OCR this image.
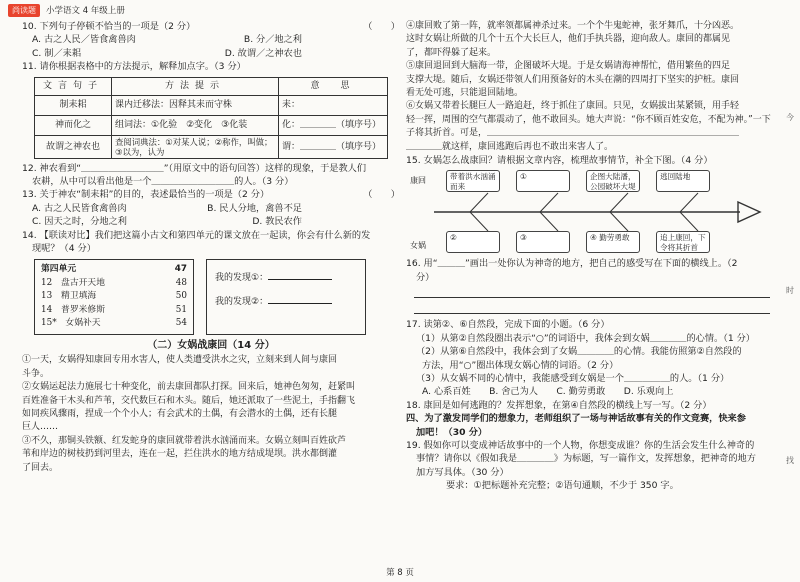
尚读题	小学语文 4 年级上册
10. 下列句子停顿不恰当的一项是（2 分）	（　　）
A. 古之人民／皆食禽兽肉	B. 分／地之利
C. 制／耒耜	D. 故谓／之神农也
11. 请你根据表格中的方法提示，解释加点字。（3 分）
文言句子	方法提示	意　思
制耒耜	课内迁移法：因释其耒而守株	耒：
神而化之	组词法：①化验　②变化　③化装	化：＿＿＿＿（填序号）
故谓之神农也	查阅词典法：①对某人说；②称作，叫做；③以为，认为	谓：＿＿＿＿（填序号）
12. 神农看到“＿＿＿＿＿＿＿＿＿”（用原文中的语句回答）这样的现象，于是教人们
农耕，从中可以看出他是一个＿＿＿＿＿＿＿＿＿的人。（3 分）
13. 关于神农“制耒耜”的目的，表述最恰当的一项是（2 分）	（　　）
A. 古之人民皆食禽兽肉	B. 民人分地，禽兽不足
C. 因天之时，分地之利	D. 教民农作
14. 【联读对比】我们把这篇小古文和第四单元的课文放在一起读，你会有什么新的发
现呢？（4 分）
第四单元	47
12　 盘古开天地	48
13　 精卫填海	50
14　 普罗米修斯	51
15*　 女娲补天	54
我的发现①：
我的发现②：
（二）女娲战康回（14 分）
①一天，女娲得知康回专用水害人，使人类遭受洪水之灾，立刻来到人间与康回
斗争。
②女娲运起法力施展七十种变化，前去康回都队打探。回来后，她神色匆匆，赶紧叫
百姓准备干木头和芦苇，交代数巨石和木头。随后，她还派取了一些泥土，手指翻飞
如同疾风骤雨，捏成一个个小人；有会武术的土偶，有会潜水的土偶，还有长腿
巨人……
③不久，那铜头铁额、红发蛇身的康回就带着洪水汹涌而来。女娲立刻叫百姓砍芦
苇和岸边的树枝扔到河里去，连在一起，拦住洪水的地方结成堤坝。洪水都倒灌
了回去。
④康回败了第一阵，就率领都属神杀过来。一个个牛鬼蛇神，张牙舞爪，十分凶恶。
这时女娲让所做的几个十五个大长巨人，他们手执兵器，迎向敌人。康回的都属见
了，都吓得躲了起来。
⑤康回退回到大脑海一带，企图破坏大堤。于是女娲请海神帮忙，借用繁鱼的四足
支撑大堤。随后，女娲还带领人们用预备好的木头在潮的四周打下坚实的护桩。康回
看无处可逃，只能退回陆地。
⑥女娲又带着长腿巨人一路追赶，终于抓住了康回。只见，女娲拔出某紧锁，用手轻
轻一挥，周围的空气都震动了，他不敢回头。她大声说：“你不顾百姓安危，不配为神。”一下
子将其折首。可是，＿＿＿＿＿＿＿＿＿＿＿＿＿＿＿＿＿＿＿＿＿＿＿＿＿＿＿＿
＿＿＿＿就这样，康回逃跑后再也不敢出来害人了。
15. 女娲怎么战康回？请根据文章内容，梳理故事情节，补全下图。（4 分）
康回
女娲
带着洪水汹涌而来
①	企图大陆潘，公园破坏大堤
逃回陆地
②	③	④ 勤劳勇敢	追上康回，下令将其折首
16. 用“＿＿＿”画出一处你认为神奇的地方，把自己的感受写在下面的横线上。（2
分）
17. 读第②、⑥自然段，完成下面的小题。（6 分）
（1）从第②自然段圈出表示“○”的词语中，我体会到女娲＿＿＿＿的心情。（1 分）
（2）从第⑥自然段中，我体会到了女娲＿＿＿＿的心情。我能仿照第②自然段的
方法，用“○”圈出体现女娲心情的词语。（2 分）
（3）从女娲不同的心情中，我能感受到女娲是一个＿＿＿＿＿的人。（1 分）
A. 心系百姓　　B. 舍己为人　　C. 勤劳勇敢　　D. 乐观向上
18. 康回是如何逃跑的？发挥想象，在第④自然段的横线上写一写。（2 分）
四、为了激发同学们的想象力，老师组织了一场与神话故事有关的作文竞赛，快来参
加吧！（30 分）
19. 假如你可以变成神话故事中的一个人物，你想变成谁？你的生活会发生什么神奇的
事情？请你以《假如我是＿＿＿＿》为标题，写一篇作文，发挥想象，把神奇的地方
加方写具体。（30 分）
要求：①把标题补充完整；②语句通顺，不少于 350 字。
今
时
找
第 8 页
